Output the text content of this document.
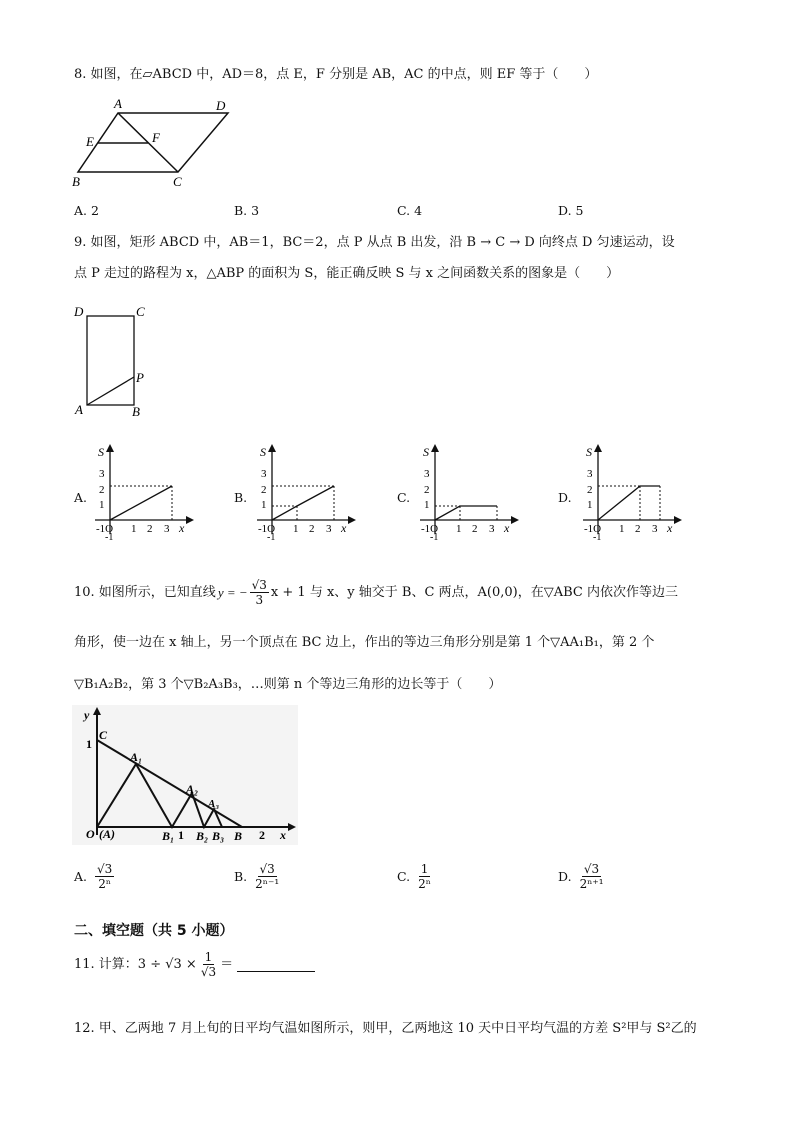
8. 如图，在▱ABCD 中，AD＝8，点 E，F 分别是 AB，AC 的中点，则 EF 等于（　　）
A	D
E	F
B	C
A. 2	B. 3	C. 4	D. 5
9. 如图，矩形 ABCD 中，AB＝1，BC＝2，点 P 从点 B 出发，沿 B → C → D 向终点 D 匀速运动，设
点 P 走过的路程为 x，△ABP 的面积为 S，能正确反映 S 与 x 之间函数关系的图象是（　　）
D	C
P
A	B
A.	B.	C.	D.
S
3
2
1
-1O
-1
1 2 3 x
S
3
2
1
-1O
-1
1 2 3 x
S
3
2
1
-1O
-1
1 2 3 x
S
3
2
1
-1O
-1
1 2 3 x
10. 如图所示，已知直线 y = − $\frac{√3}{3}$ x + 1 与 x、y 轴交于 B、C 两点，A(0,0)，在▽ABC 内依次作等边三
角形，使一边在 x 轴上，另一个顶点在 BC 边上，作出的等边三角形分别是第 1 个▽AA₁B₁，第 2 个
▽B₁A₂B₂，第 3 个▽B₂A₃B₃，…则第 n 个等边三角形的边长等于（　　）
y
1
C
A₁
A₂
A₃
O (A)	B₁ 1 B₂ B₃ B 2 x
A. $\frac{√3}{\text{2ⁿ}}$	B. $\frac{√3}{\text{2ⁿ⁻¹}}$	C. $\frac{1}{\text{2ⁿ}}$	D. $\frac{√3}{\text{2ⁿ⁺¹}}$
二、填空题（共 5 小题）
11. 计算：$3 \div √3 \times \frac{1}{√3}$ ＝
12. 甲、乙两地 7 月上旬的日平均气温如图所示，则甲，乙两地这 10 天中日平均气温的方差 S²甲与 S²乙的
